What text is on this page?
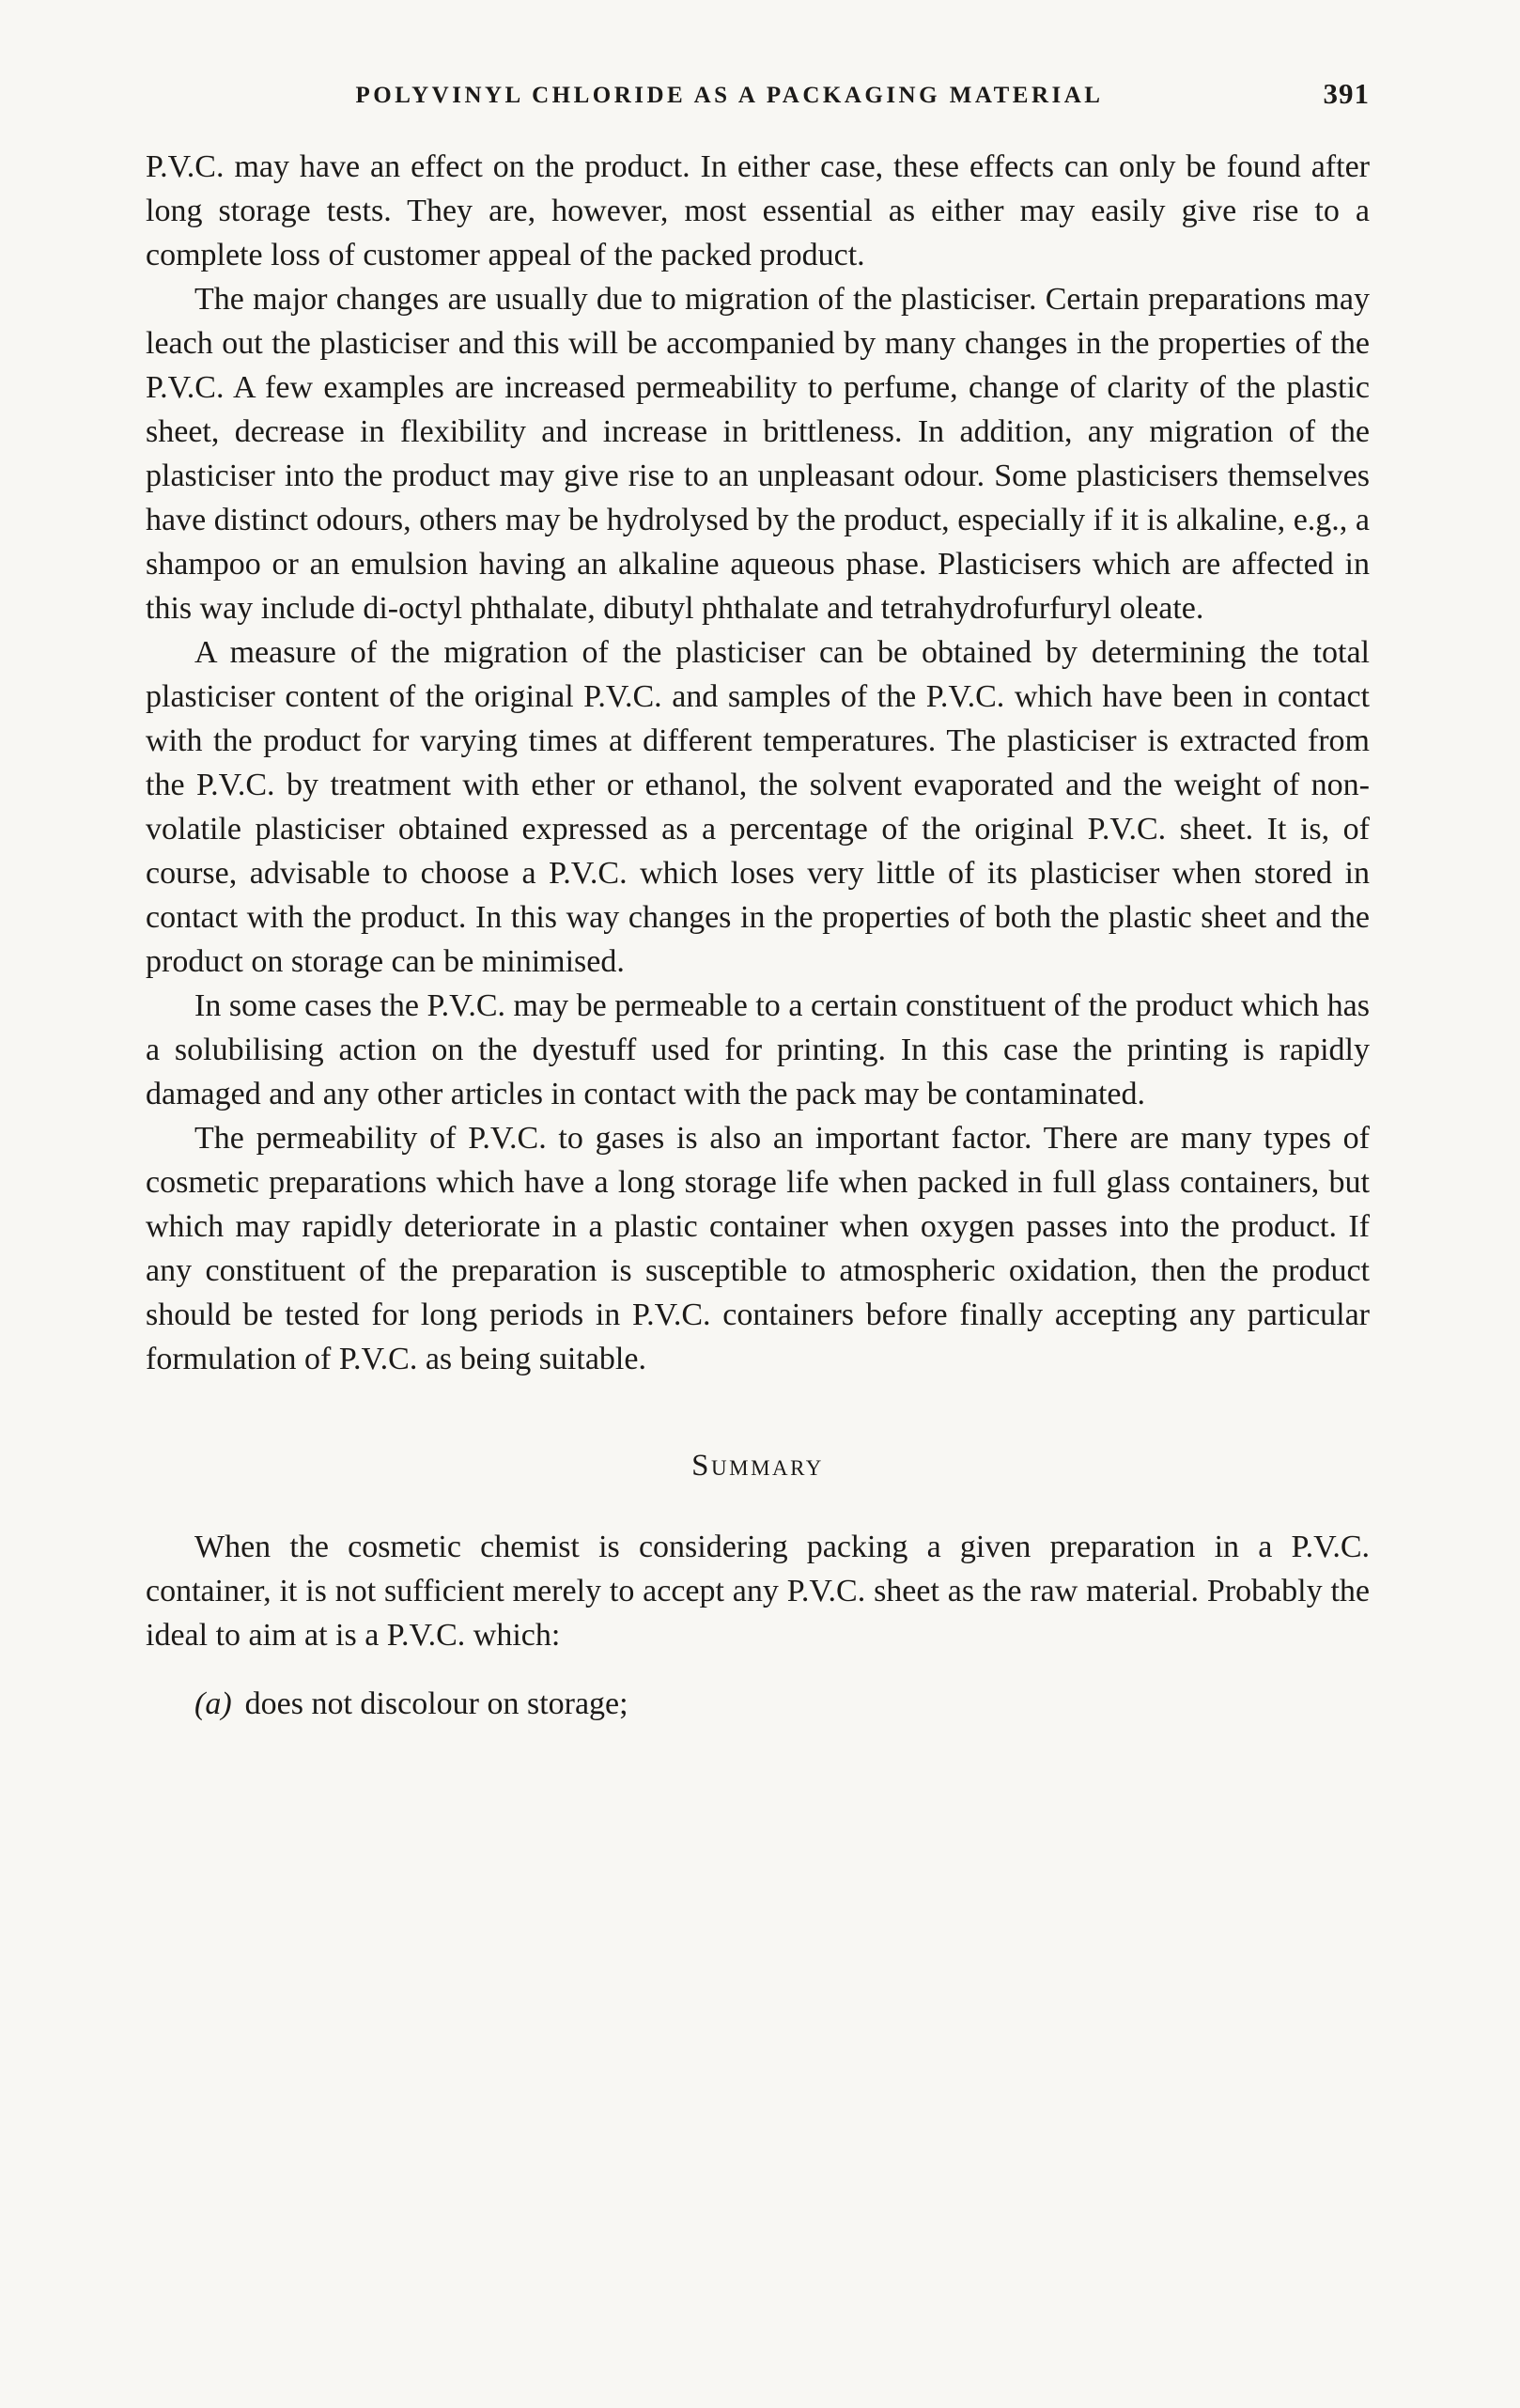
POLYVINYL CHLORIDE AS A PACKAGING MATERIAL	391

P.V.C. may have an effect on the product. In either case, these effects can only be found after long storage tests. They are, however, most essential as either may easily give rise to a complete loss of customer appeal of the packed product.

The major changes are usually due to migration of the plasticiser. Certain preparations may leach out the plasticiser and this will be accompanied by many changes in the properties of the P.V.C. A few examples are increased permeability to perfume, change of clarity of the plastic sheet, decrease in flexibility and increase in brittleness. In addition, any migration of the plasticiser into the product may give rise to an unpleasant odour. Some plasticisers themselves have distinct odours, others may be hydrolysed by the product, especially if it is alkaline, e.g., a shampoo or an emulsion having an alkaline aqueous phase. Plasticisers which are affected in this way include di-octyl phthalate, dibutyl phthalate and tetrahydrofurfuryl oleate.

A measure of the migration of the plasticiser can be obtained by determining the total plasticiser content of the original P.V.C. and samples of the P.V.C. which have been in contact with the product for varying times at different temperatures. The plasticiser is extracted from the P.V.C. by treatment with ether or ethanol, the solvent evaporated and the weight of non-volatile plasticiser obtained expressed as a percentage of the original P.V.C. sheet. It is, of course, advisable to choose a P.V.C. which loses very little of its plasticiser when stored in contact with the product. In this way changes in the properties of both the plastic sheet and the product on storage can be minimised.

In some cases the P.V.C. may be permeable to a certain constituent of the product which has a solubilising action on the dyestuff used for printing. In this case the printing is rapidly damaged and any other articles in contact with the pack may be contaminated.

The permeability of P.V.C. to gases is also an important factor. There are many types of cosmetic preparations which have a long storage life when packed in full glass containers, but which may rapidly deteriorate in a plastic container when oxygen passes into the product. If any constituent of the preparation is susceptible to atmospheric oxidation, then the product should be tested for long periods in P.V.C. containers before finally accepting any particular formulation of P.V.C. as being suitable.

Summary

When the cosmetic chemist is considering packing a given preparation in a P.V.C. container, it is not sufficient merely to accept any P.V.C. sheet as the raw material. Probably the ideal to aim at is a P.V.C. which:

(a) does not discolour on storage;
